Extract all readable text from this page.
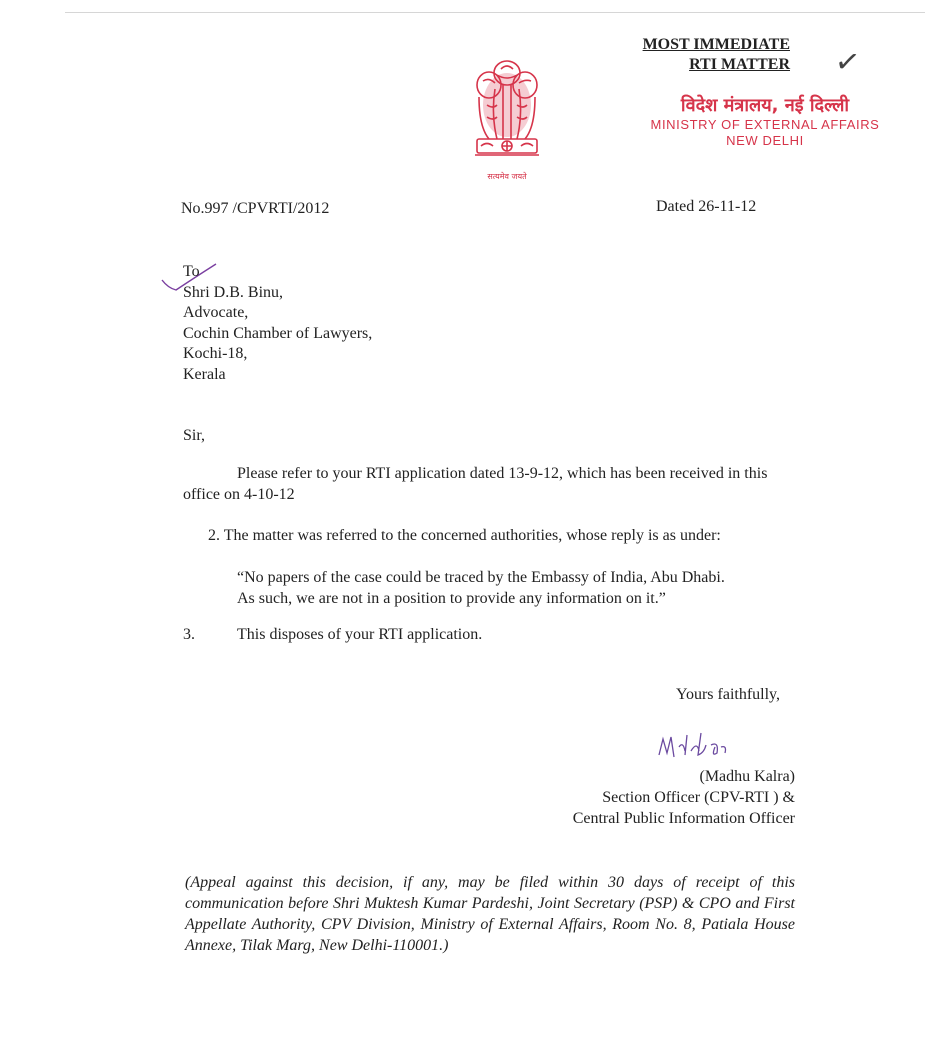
MOST IMMEDIATE
RTI MATTER ✓
सत्यमेव जयते
विदेश मंत्रालय, नई दिल्ली
MINISTRY OF EXTERNAL AFFAIRS
NEW DELHI
No.997 /CPVRTI/2012	Dated 26-11-12
To
Shri D.B. Binu,
Advocate,
Cochin Chamber of Lawyers,
Kochi-18,
Kerala
Sir,
Please refer to your RTI application dated 13-9-12, which has been received in this office on 4-10-12
2. The matter was referred to the concerned authorities, whose reply is as under:
“No papers of the case could be traced by the Embassy of India, Abu Dhabi.
As such, we are not in a position to provide any information on it.”
3.	This disposes of your RTI application.
Yours faithfully,
(Madhu Kalra)
Section Officer (CPV-RTI ) &
Central Public Information Officer
(Appeal against this decision, if any, may be filed within 30 days of receipt of this communication before Shri Muktesh Kumar Pardeshi, Joint Secretary (PSP) & CPO and First Appellate Authority, CPV Division, Ministry of External Affairs, Room No. 8, Patiala House Annexe, Tilak Marg, New Delhi-110001.)
